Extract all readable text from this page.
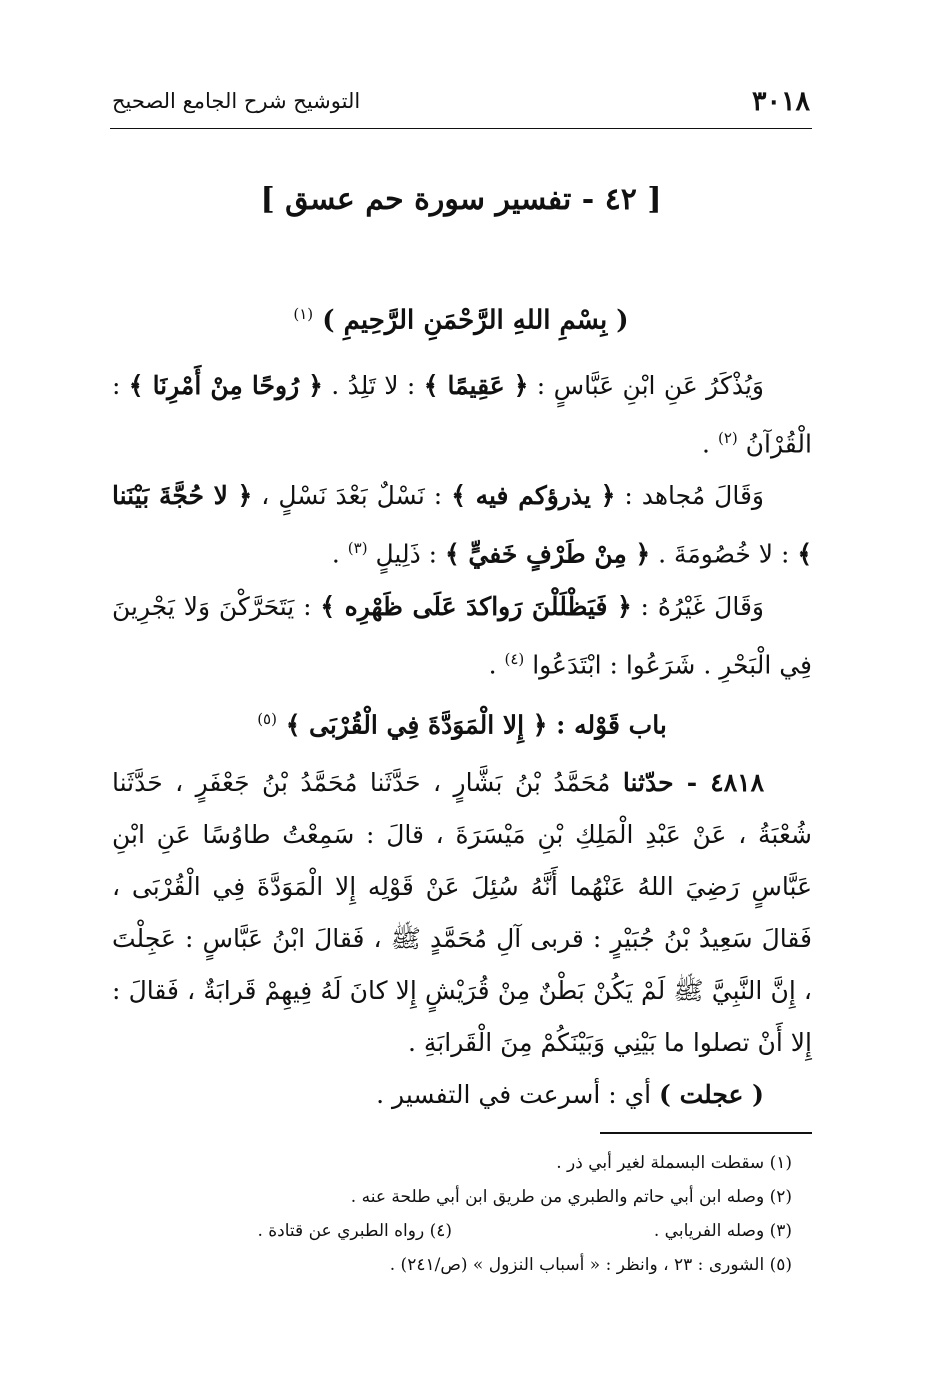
٣٠١٨
التوشيح شرح الجامع الصحيح
[ ٤٢ - تفسير سورة حم عسق ]
( بِسْمِ اللهِ الرَّحْمَنِ الرَّحِيمِ ) $^{(١)}$

وَيُذْكَرُ عَنِ ابْنِ عَبَّاسٍ : ﴿ عَقِيمًا ﴾ : لا تَلِدُ . ﴿ رُوحًا مِنْ أَمْرِنَا ﴾ : الْقُرْآنُ $^{(٢)}$ .

وَقَالَ مُجاهد : ﴿ يذرؤكم فيه ﴾ : نَسْلٌ بَعْدَ نَسْلٍ ، ﴿ لا حُجَّةَ بَيْنَنا ﴾ : لا خُصُومَةَ . ﴿ مِنْ طَرْفٍ خَفيٍّ ﴾ : ذَلِيلٍ $^{(٣)}$ .

وَقَالَ غَيْرُهُ : ﴿ فَيَظْلَلْنَ رَواكدَ عَلَى ظَهْرِه ﴾ : يَتَحَرَّكْنَ وَلا يَجْرِينَ فِي الْبَحْرِ . شَرَعُوا : ابْتَدَعُوا $^{(٤)}$ .

باب قَوْله : ﴿ إِلا الْمَوَدَّةَ فِي الْقُرْبَى ﴾ $^{(٥)}$

٤٨١٨ - حدّثنا مُحَمَّدُ بْنُ بَشَّارٍ ، حَدَّثَنا مُحَمَّدُ بْنُ جَعْفَرٍ ، حَدَّثَنا شُعْبَةُ ، عَنْ عَبْدِ الْمَلِكِ بْنِ مَيْسَرَةَ ، قالَ : سَمِعْتُ طاوُسًا عَنِ ابْنِ عَبَّاسٍ رَضِيَ اللهُ عَنْهُما أَنَّهُ سُئِلَ عَنْ قَوْلِه إِلا الْمَوَدَّةَ فِي الْقُرْبَى ، فَقالَ سَعِيدُ بْنُ جُبَيْرٍ : قربى آلِ مُحَمَّدٍ ﷺ ، فَقالَ ابْنُ عَبَّاسٍ : عَجِلْتَ ، إِنَّ النَّبِيَّ ﷺ لَمْ يَكُنْ بَطْنٌ مِنْ قُرَيْشٍ إِلا كانَ لَهُ فِيهِمْ قَرابَةٌ ، فَقالَ : إِلا أَنْ تصلوا ما بَيْنِي وَبَيْنَكُمْ مِنَ الْقَرابَةِ .

( عجلت ) أي : أسرعت في التفسير .

(١) سقطت البسملة لغير أبي ذر .
(٢) وصله ابن أبي حاتم والطبري من طريق ابن أبي طلحة عنه .
(٣) وصله الفريابي .
(٤) رواه الطبري عن قتادة .
(٥) الشورى : ٢٣ ، وانظر : « أسباب النزول » (ص/٢٤١) .
